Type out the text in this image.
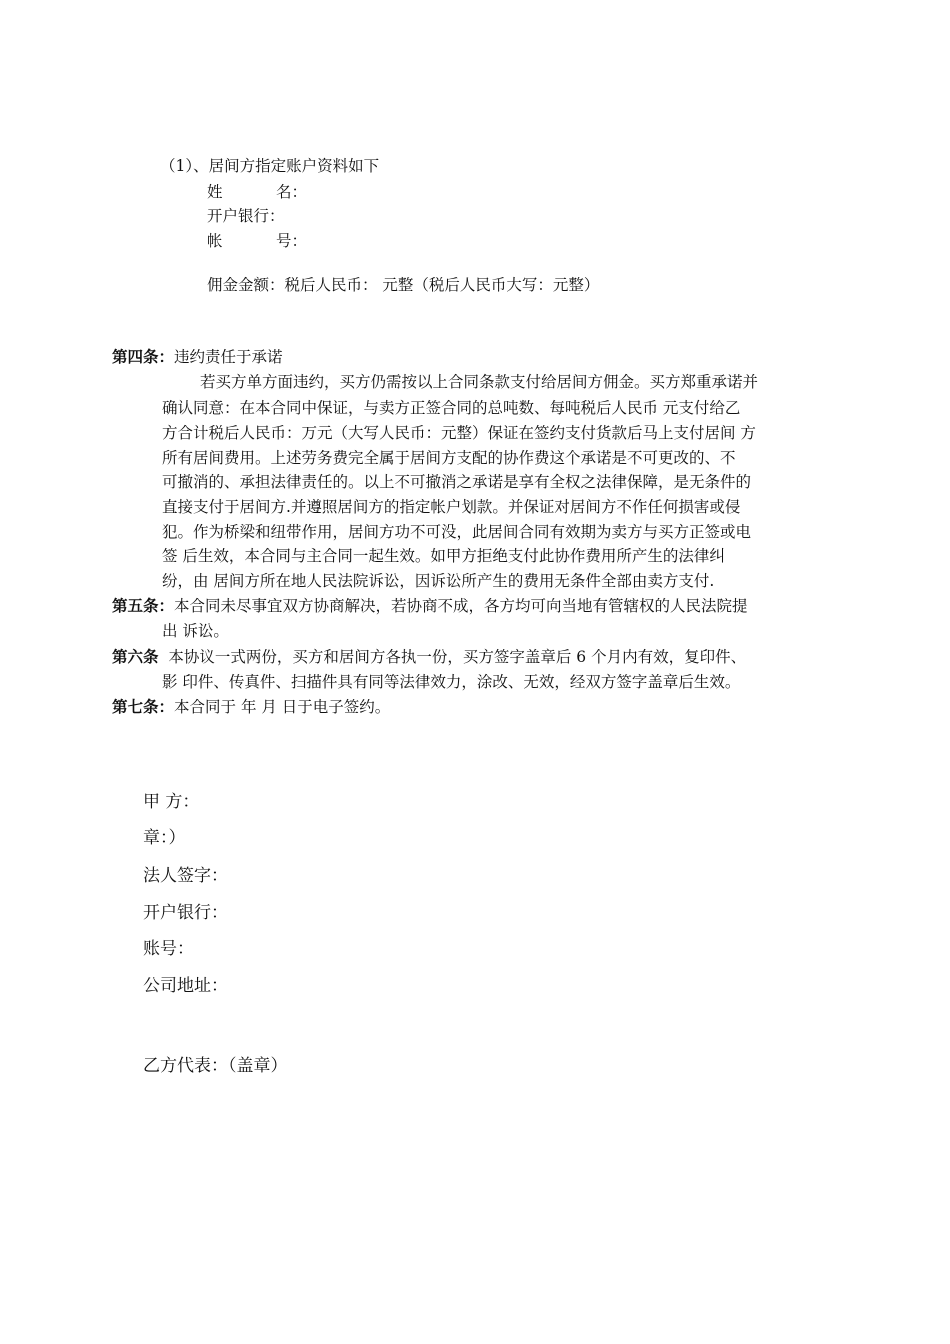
（1）、居间方指定账户资料如下
姓	名：
开户银行：
帐	号：
佣金金额：税后人民币： 元整（税后人民币大写：元整）
第四条：违约责任于承诺
若买方单方面违约，买方仍需按以上合同条款支付给居间方佣金。买方郑重承诺并
确认同意：在本合同中保证，与卖方正签合同的总吨数、每吨税后人民币 元支付给乙
方合计税后人民币：万元（大写人民币：元整）保证在签约支付货款后马上支付居间 方
所有居间费用。上述劳务费完全属于居间方支配的协作费这个承诺是不可更改的、不
可撤消的、承担法律责任的。以上不可撤消之承诺是享有全权之法律保障，是无条件的
直接支付于居间方.并遵照居间方的指定帐户划款。并保证对居间方不作任何损害或侵
犯。作为桥梁和纽带作用，居间方功不可没，此居间合同有效期为卖方与买方正签或电
签 后生效，本合同与主合同一起生效。如甲方拒绝支付此协作费用所产生的法律纠
纷，由 居间方所在地人民法院诉讼，因诉讼所产生的费用无条件全部由卖方支付.
第五条：本合同未尽事宜双方协商解决，若协商不成，各方均可向当地有管辖权的人民法院提
出 诉讼。
第六条 本协议一式两份，买方和居间方各执一份，买方签字盖章后 6 个月内有效，复印件、
影 印件、传真件、扫描件具有同等法律效力，涂改、无效，经双方签字盖章后生效。
第七条：本合同于 年 月 日于电子签约。
甲 方：
章：）
法人签字：
开户银行：
账号：
公司地址：
乙方代表：（盖章）
